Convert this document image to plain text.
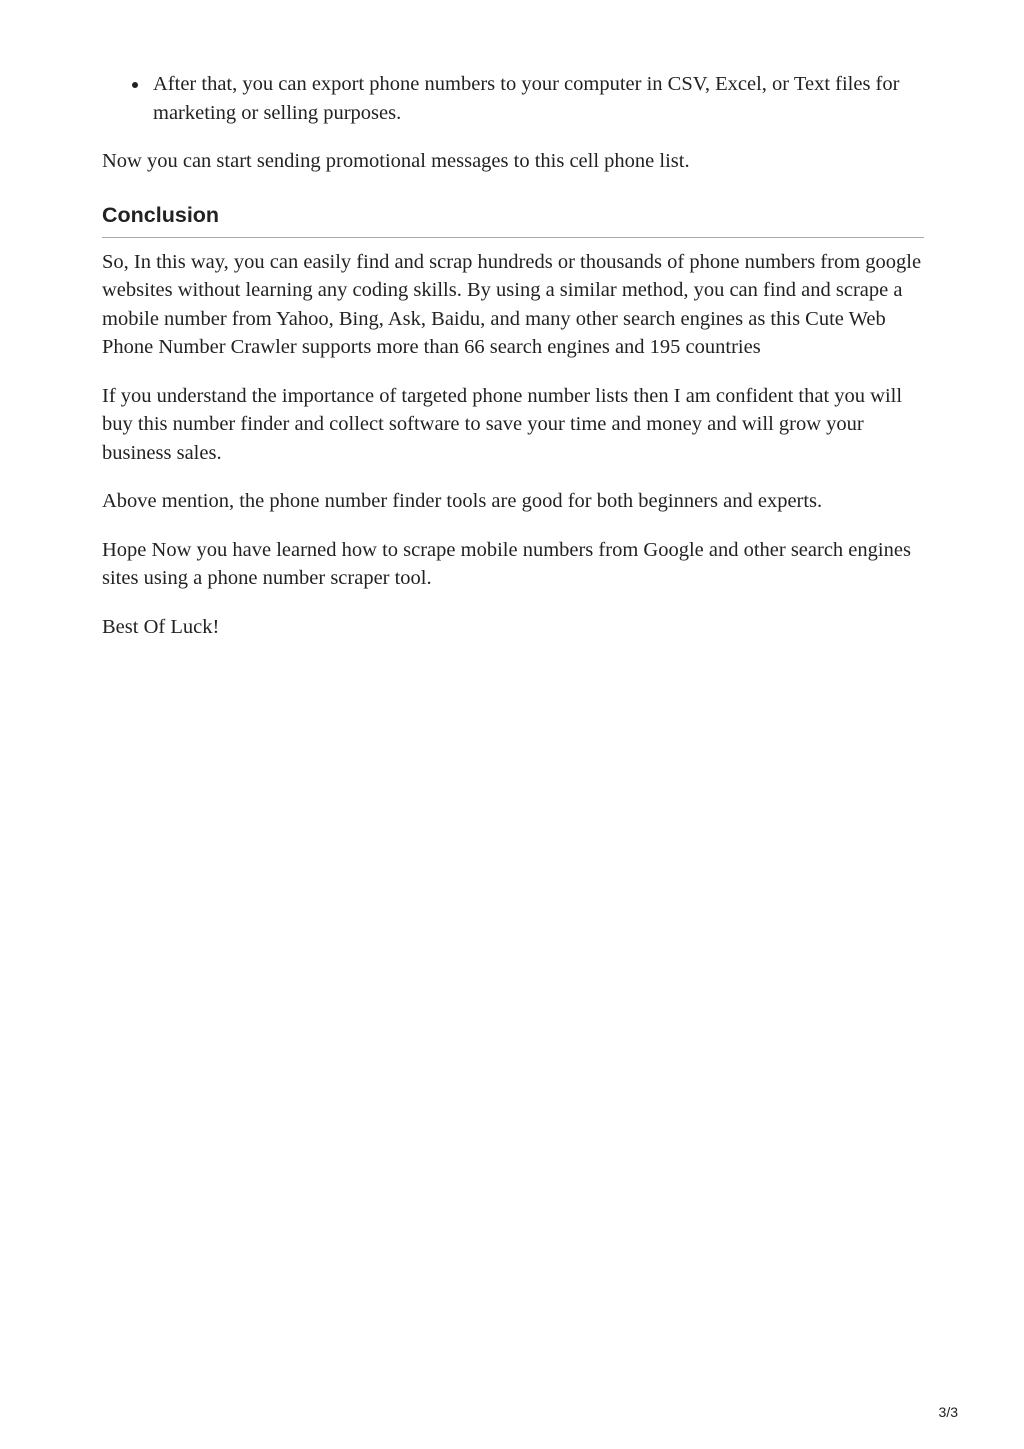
After that, you can export phone numbers to your computer in CSV, Excel, or Text files for marketing or selling purposes.

Now you can start sending promotional messages to this cell phone list.

Conclusion

So, In this way, you can easily find and scrap hundreds or thousands of phone numbers from google websites without learning any coding skills. By using a similar method, you can find and scrape a mobile number from Yahoo, Bing, Ask, Baidu, and many other search engines as this Cute Web Phone Number Crawler supports more than 66 search engines and 195 countries

If you understand the importance of targeted phone number lists then I am confident that you will buy this number finder and collect software to save your time and money and will grow your business sales.

Above mention, the phone number finder tools are good for both beginners and experts.

Hope Now you have learned how to scrape mobile numbers from Google and other search engines sites using a phone number scraper tool.

Best Of Luck!

3/3
